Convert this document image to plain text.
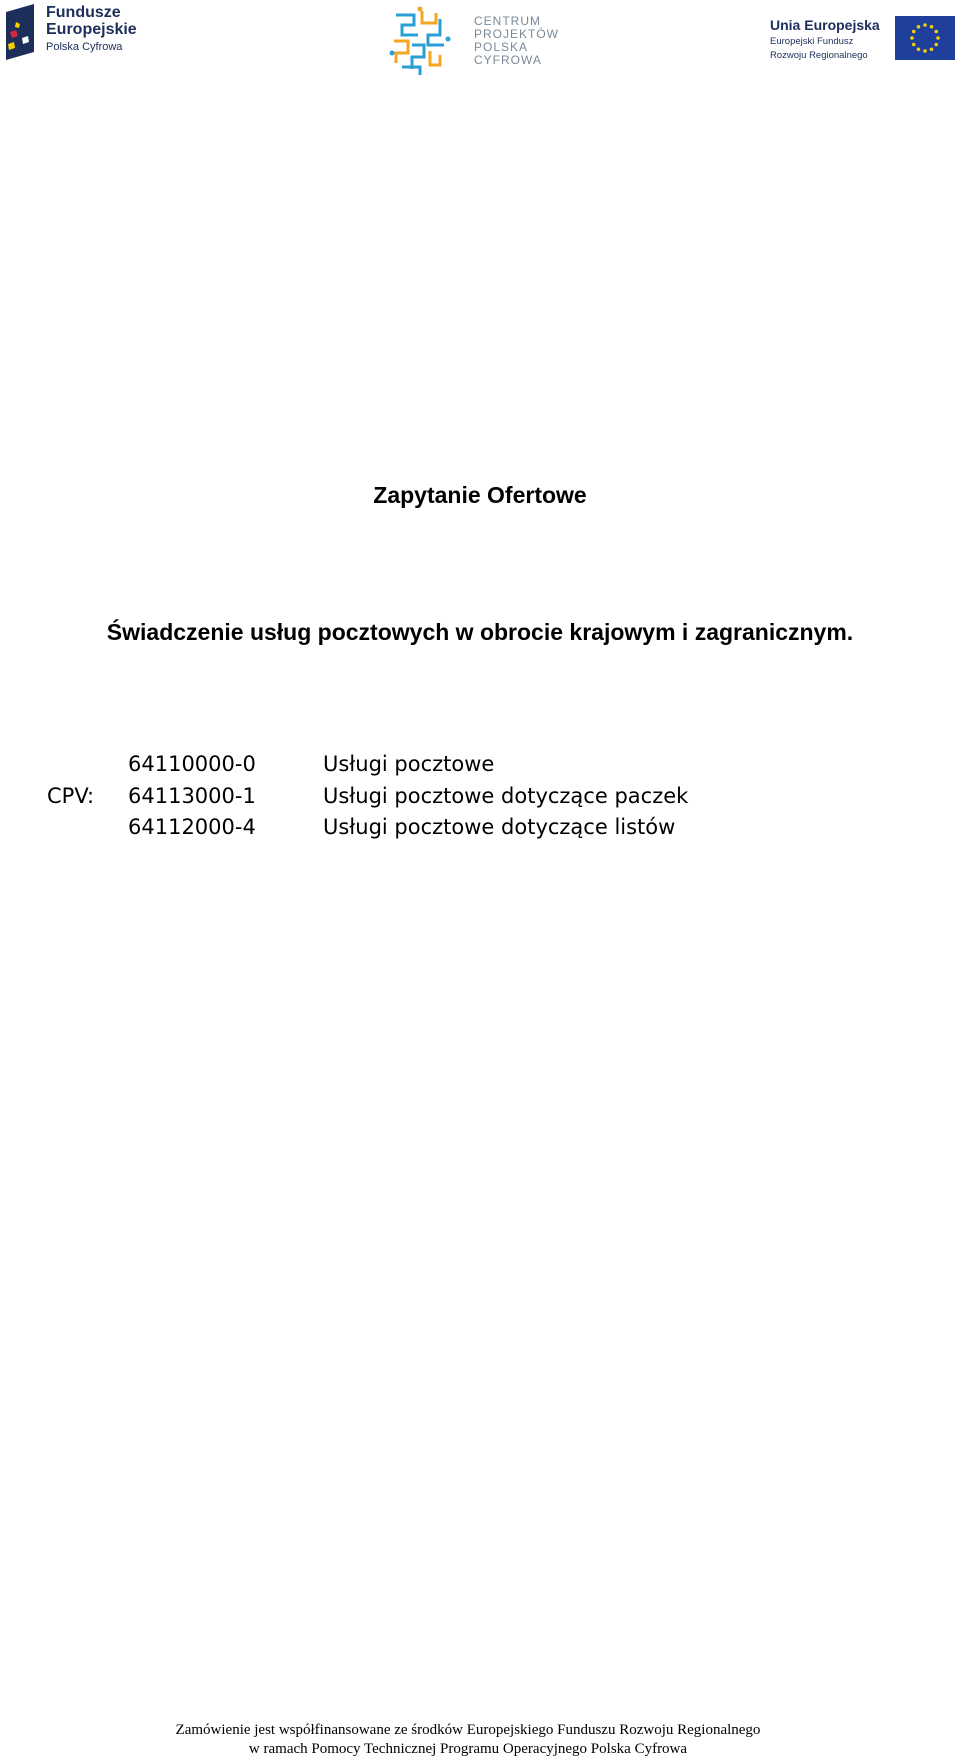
Fundusze
Europejskie
Polska Cyfrowa
CENTRUM
PROJEKTÓW
POLSKA
CYFROWA
Unia Europejska
Europejski Fundusz
Rozwoju Regionalnego
Zapytanie Ofertowe
Świadczenie usług pocztowych w obrocie krajowym i zagranicznym.
CPV:
64110000-0	Usługi pocztowe
64113000-1	Usługi pocztowe dotyczące paczek
64112000-4	Usługi pocztowe dotyczące listów
Zamówienie jest współfinansowane ze środków Europejskiego Funduszu Rozwoju Regionalnego
w ramach Pomocy Technicznej Programu Operacyjnego Polska Cyfrowa
